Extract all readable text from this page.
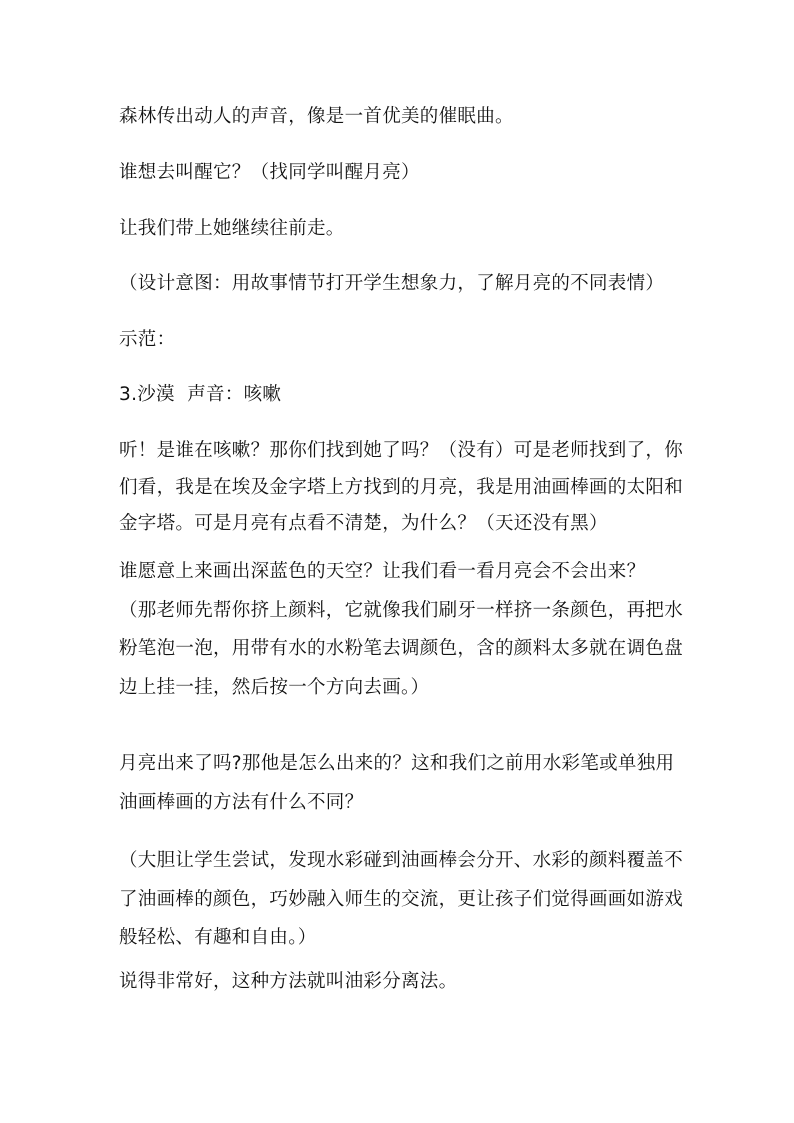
森林传出动人的声音，像是一首优美的催眠曲。

谁想去叫醒它？（找同学叫醒月亮）

让我们带上她继续往前走。

（设计意图：用故事情节打开学生想象力，了解月亮的不同表情）

示范：

3.沙漠  声音：咳嗽

听！是谁在咳嗽？那你们找到她了吗？（没有）可是老师找到了，你
们看，我是在埃及金字塔上方找到的月亮，我是用油画棒画的太阳和
金字塔。可是月亮有点看不清楚，为什么？（天还没有黑）

谁愿意上来画出深蓝色的天空？让我们看一看月亮会不会出来？
（那老师先帮你挤上颜料，它就像我们刷牙一样挤一条颜色，再把水
粉笔泡一泡，用带有水的水粉笔去调颜色，含的颜料太多就在调色盘
边上挂一挂，然后按一个方向去画。）

月亮出来了吗?那他是怎么出来的？这和我们之前用水彩笔或单独用
油画棒画的方法有什么不同？

（大胆让学生尝试，发现水彩碰到油画棒会分开、水彩的颜料覆盖不
了油画棒的颜色，巧妙融入师生的交流，更让孩子们觉得画画如游戏
般轻松、有趣和自由。）

说得非常好，这种方法就叫油彩分离法。
